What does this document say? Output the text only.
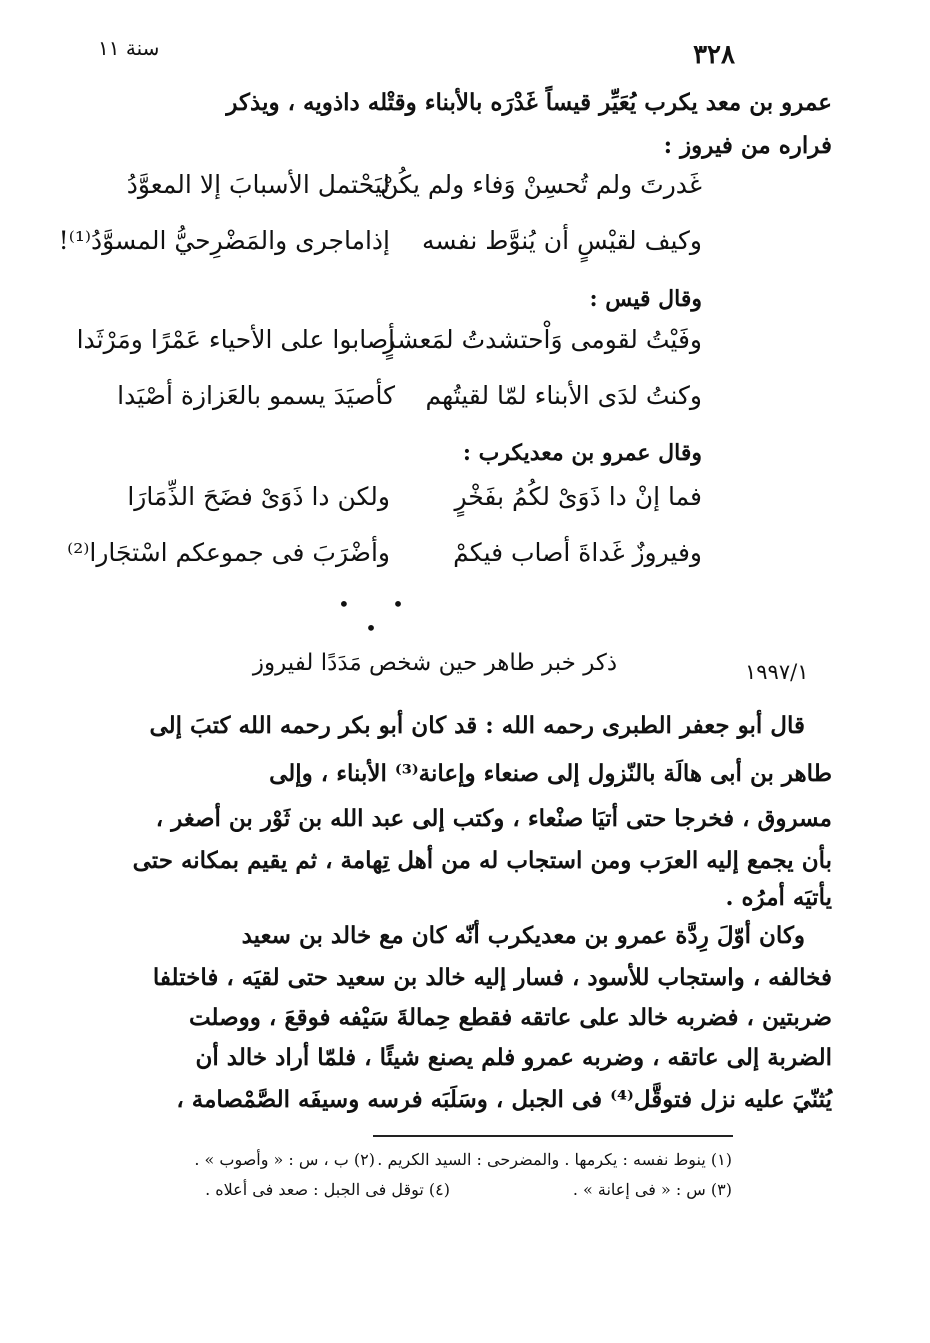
٣٢٨
سنة ١١
عمرو بن معد يكرب يُعَيِّر قيساً غَدْرَه بالأبناء وقتْله داذويه ، ويذكر
فراره من فيروز :
غَدرتَ ولم تُحسِنْ وَفاء ولم يكُنْ
ليَحْتمل الأسبابَ إلا المعوَّدُ
وكيف لقيْسٍ أن يُنوَّط نفسه
إذاماجرى والمَضْرِحيُّ المسوَّدُ⁽¹⁾!
وقال قيس :
وفَيْتُ لقومى وَاْحتشدتُ لمَعشرٍ
أصابوا على الأحياء عَمْرًا ومَرْثَدا
وكنتُ لدَى الأبناء لمّا لقيتُهم
كأصيَدَ يسمو بالعَزازة أصْيَدا
وقال عمرو بن معديكرب :
فما إنْ دا ذَوَىْ لكُمُ بفَخْرٍ
ولكن دا ذَوَىْ فضَحَ الذِّمَارَا
وفيروزٌ غَداةَ أصاب فيكمْ
وأضْرَبَ فى جموعكم اسْتجَارا⁽²⁾
• • •
ذكر خبر طاهر حين شخص مَدَدًا لفيروز	١٩٩٧/١
قال أبو جعفر الطبرى رحمه الله : قد كان أبو بكر رحمه الله كتبَ إلى
طاهر بن أبى هالَة بالنّزول إلى صنعاء وإعانة⁽³⁾ الأبناء ، وإلى
مسروق ، فخرجا حتى أتيَا صنْعاء ، وكتب إلى عبد الله بن ثَوْر بن أصغر ،
بأن يجمع إليه العرَب ومن استجاب له من أهل تِهامة ، ثم يقيم بمكانه حتى
يأتيَه أمرُه .
وكان أوّلَ رِدَّة عمرو بن معديكرب أنّه كان مع خالد بن سعيد
فخالفه ، واستجاب للأسود ، فسار إليه خالد بن سعيد حتى لقيَه ، فاختلفا
ضربتين ، فضربه خالد على عاتقه فقطع حِمالةَ سَيْفه فوقعَ ، ووصلت
الضربة إلى عاتقه ، وضربه عمرو فلم يصنع شيئًا ، فلمّا أراد خالد أن
يُثنّيَ عليه نزل فتوقَّل⁽⁴⁾ فى الجبل ، وسَلَبَه فرسه وسيفَه الصَّمْصامة ،
(١) ينوط نفسه : يكرمها . والمضرحى : السيد الكريم .
(٢) ب ، س : « وأصوب » .
(٣) س : « فى إعانة » .
(٤) توقل فى الجبل : صعد فى أعلاه .
